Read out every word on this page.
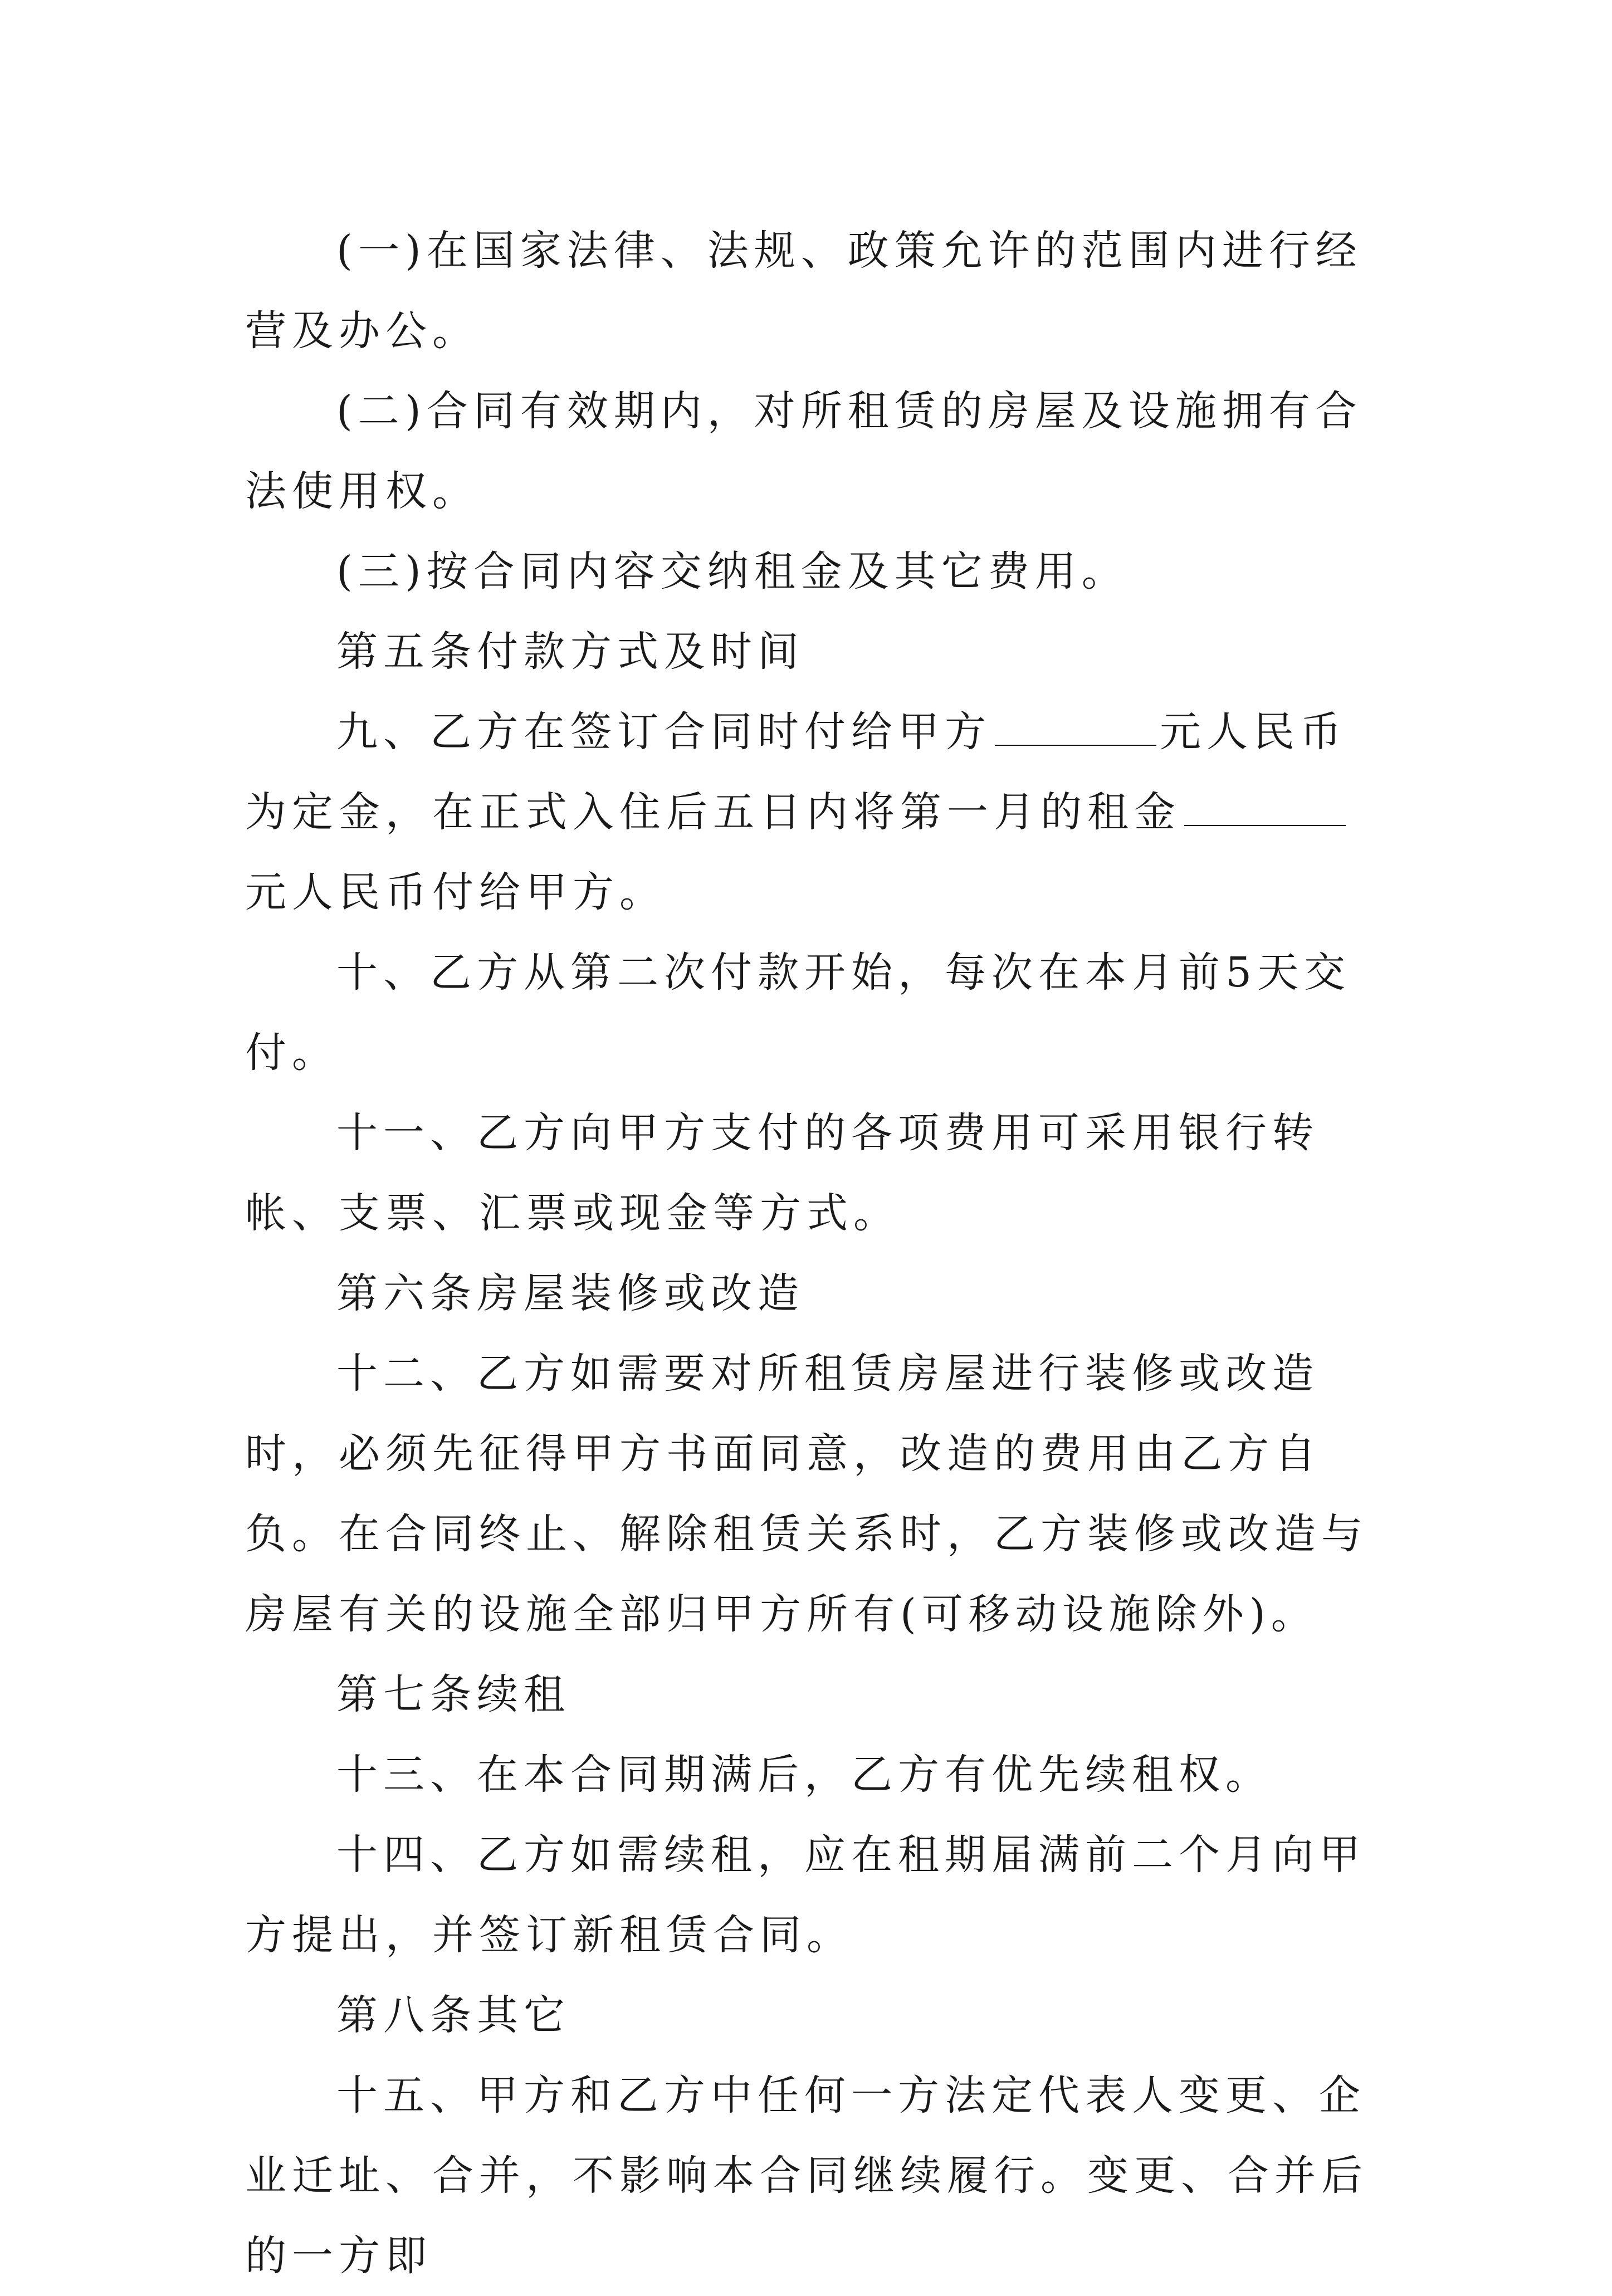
(一)在国家法律、法规、政策允许的范围内进行经营及办公。

(二)合同有效期内，对所租赁的房屋及设施拥有合法使用权。

(三)按合同内容交纳租金及其它费用。

第五条付款方式及时间

九、乙方在签订合同时付给甲方	元人民币为定金，在正式入住后五日内将第一月的租金元人民币付给甲方。

十、乙方从第二次付款开始，每次在本月前5天交付。

十一、乙方向甲方支付的各项费用可采用银行转帐、支票、汇票或现金等方式。

第六条房屋装修或改造

十二、乙方如需要对所租赁房屋进行装修或改造时，必须先征得甲方书面同意，改造的费用由乙方自负。在合同终止、解除租赁关系时，乙方装修或改造与房屋有关的设施全部归甲方所有(可移动设施除外)。

第七条续租

十三、在本合同期满后，乙方有优先续租权。

十四、乙方如需续租，应在租期届满前二个月向甲方提出，并签订新租赁合同。

第八条其它

十五、甲方和乙方中任何一方法定代表人变更、企业迁址、合并，不影响本合同继续履行。变更、合并后的一方即
